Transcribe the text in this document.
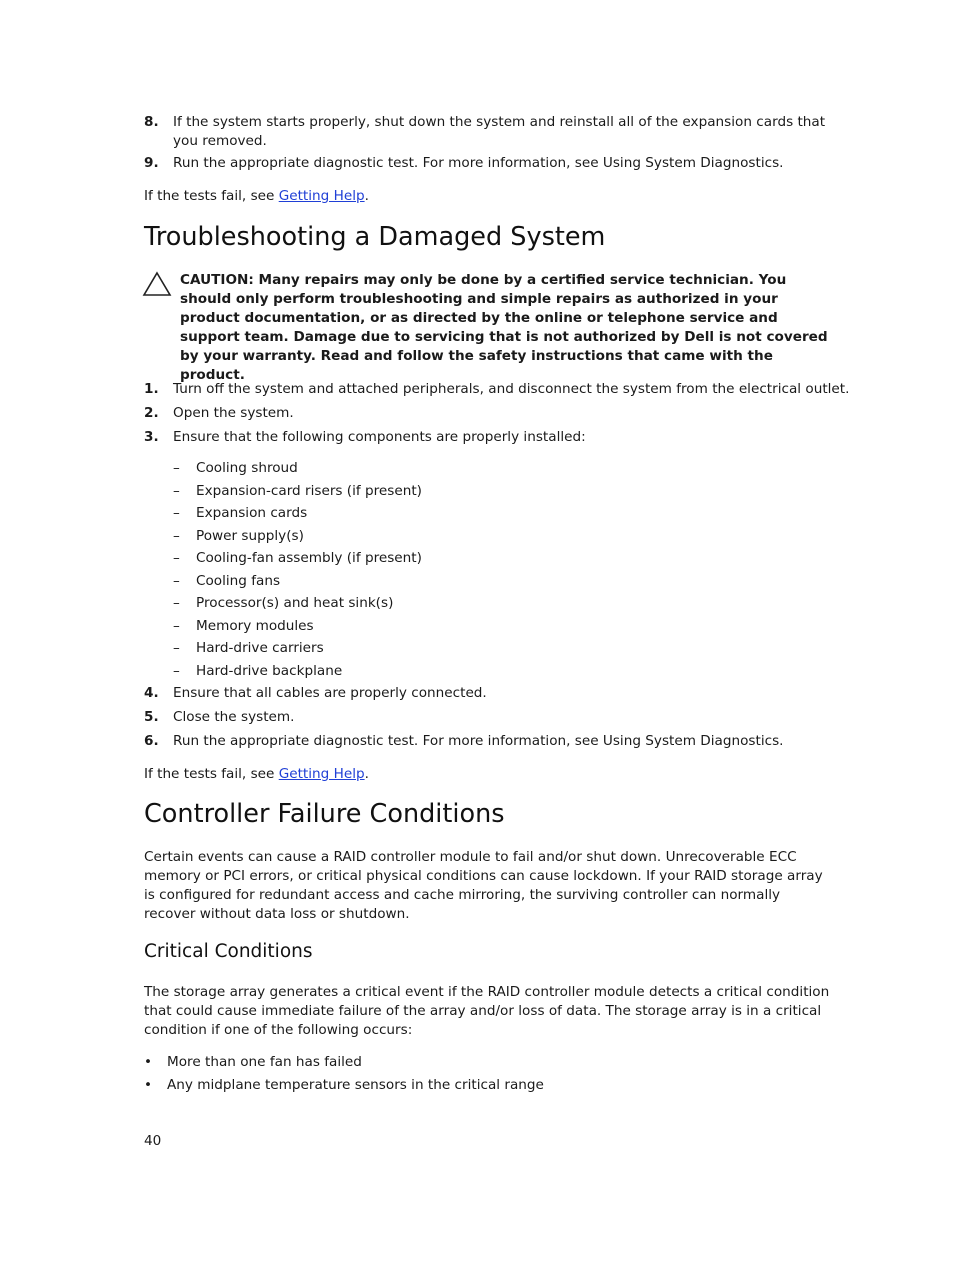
8. If the system starts properly, shut down the system and reinstall all of the expansion cards that you removed.
9. Run the appropriate diagnostic test. For more information, see Using System Diagnostics.
If the tests fail, see Getting Help.
Troubleshooting a Damaged System
CAUTION: Many repairs may only be done by a certified service technician. You should only perform troubleshooting and simple repairs as authorized in your product documentation, or as directed by the online or telephone service and support team. Damage due to servicing that is not authorized by Dell is not covered by your warranty. Read and follow the safety instructions that came with the product.
1. Turn off the system and attached peripherals, and disconnect the system from the electrical outlet.
2. Open the system.
3. Ensure that the following components are properly installed:
– Cooling shroud
– Expansion-card risers (if present)
– Expansion cards
– Power supply(s)
– Cooling-fan assembly (if present)
– Cooling fans
– Processor(s) and heat sink(s)
– Memory modules
– Hard-drive carriers
– Hard-drive backplane
4. Ensure that all cables are properly connected.
5. Close the system.
6. Run the appropriate diagnostic test. For more information, see Using System Diagnostics.
If the tests fail, see Getting Help.
Controller Failure Conditions
Certain events can cause a RAID controller module to fail and/or shut down. Unrecoverable ECC memory or PCI errors, or critical physical conditions can cause lockdown. If your RAID storage array is configured for redundant access and cache mirroring, the surviving controller can normally recover without data loss or shutdown.
Critical Conditions
The storage array generates a critical event if the RAID controller module detects a critical condition that could cause immediate failure of the array and/or loss of data. The storage array is in a critical condition if one of the following occurs:
• More than one fan has failed
• Any midplane temperature sensors in the critical range
40
